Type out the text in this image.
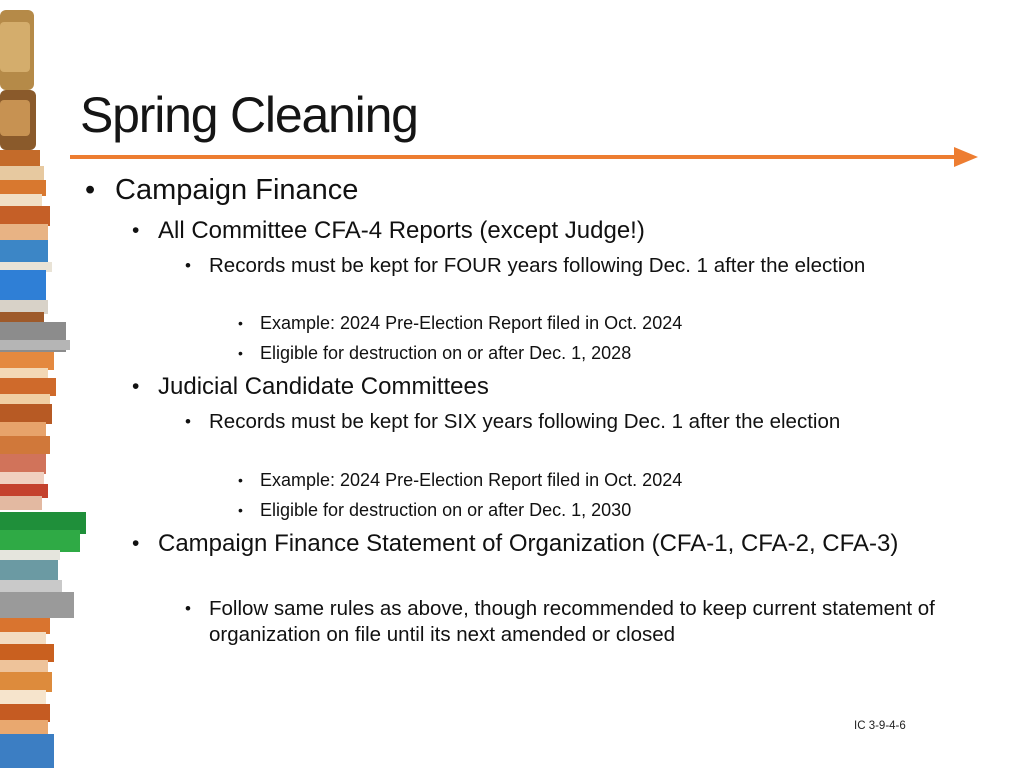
Spring Cleaning
• Campaign Finance
• All Committee CFA-4 Reports (except Judge!)
• Records must be kept for FOUR years following Dec. 1 after the election
• Example: 2024 Pre-Election Report filed in Oct. 2024
• Eligible for destruction on or after Dec. 1, 2028
• Judicial Candidate Committees
• Records must be kept for SIX years following Dec. 1 after the election
• Example: 2024 Pre-Election Report filed in Oct. 2024
• Eligible for destruction on or after Dec. 1, 2030
• Campaign Finance Statement of Organization (CFA-1, CFA-2, CFA-3)
• Follow same rules as above, though recommended to keep current statement of organization on file until its next amended or closed
IC 3-9-4-6
